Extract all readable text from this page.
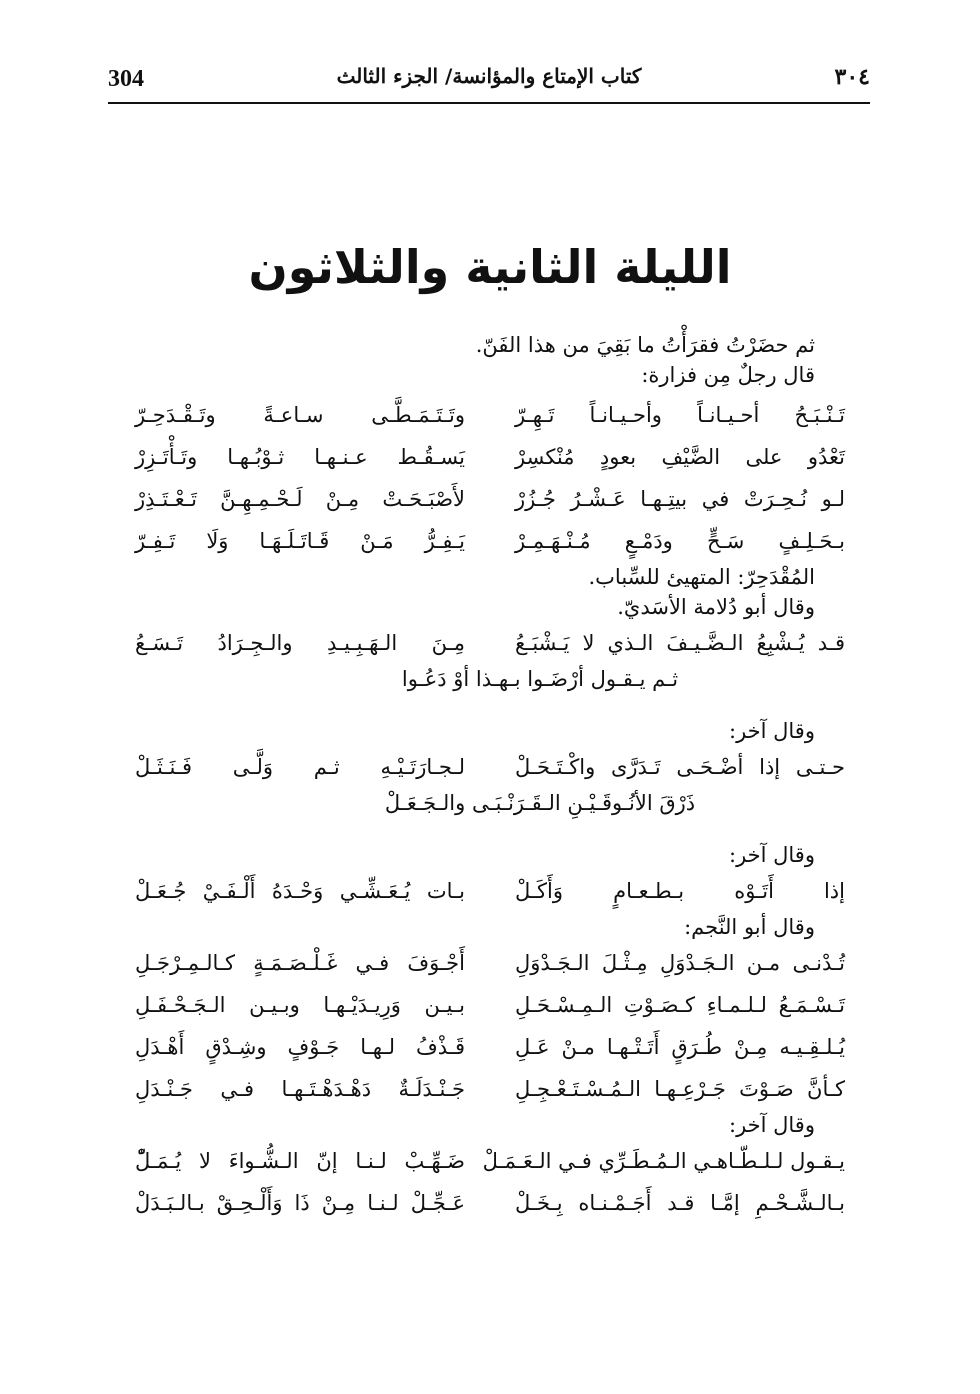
304	كتاب الإمتاع والمؤانسة/ الجزء الثالث	٣٠٤
الليلة الثانية والثلاثون

ثم حضَرْتُ فقرَأْتُ ما بَقِيَ من هذا الفَنّ.

قال رجلٌ مِن فزارة:

تَـنْـبَـحُ أحـيـانـاً وأحـيـانـاً تَـهِـرّ
وتَـتَـمَـطَّـى سـاعـةً وتَـقْـدَحِـرّ
تَعْدُو على الضَّيْفِ بعودٍ مُنْكسِرْ
يَسـقُـط عـنـهـا ثـوْبُـهـا وتَـأْتَـزِرْ
لـو نُـحِـرَتْ في بيتِـهـا عَـشْـرُ جُـزُرْ
لأَصْبَـحَـتْ مِـنْ لَـحْـمِـهِـنَّ تَـعْـتَـذِرْ
بـحَـلِـفٍ سَـحٍّ ودَمْـعٍ مُـنْـهَـمِـرْ
يَـفِـرُّ مَـنْ قَـاتَـلَـهَـا وَلَا تَـفِـرّ

المُقْدَحِرّ: المتهيئ للسِّباب.

وقال أبو دُلامة الأسَديّ.

قـد يُـشْبِعُ الـضَّـيـفَ الـذي لا يَـشْبَـعُ
مِـنَ الـهَـبِـيـدِ والـجِـرَادُ تَـسَـعُ
ثـم يـقـول أرْضَـوا بـهـذا أوْ دَعُـوا

وقال آخر:

حـتـى إذا أضْـحَـى تَـدَرَّى واكْـتَـحَـلْ
لـجـارَتَـيْـهِ ثـم وَلَّـى فَـنَـثَـلْ
ذَرْقَ الأنُـوقَـيْـنِ الـقَـرَنْـبَـى والـجَـعَـلْ

وقال آخر:

إذا أَتَـوْه بـطـعـامٍ وَأَكَـلْ
بـات يُـعَـشِّـي وَحْـدَهُ أَلْـفَـيْ جُـعَـلْ

وقال أبو النَّجم:

تُـدْنـى مـن الـجَـدْوَلِ مِـثْـلَ الـجَـدْوَلِ
أَجْـوَفَ فـي غَـلْـصَـمَـةٍ كـالـمِـرْجَـلِ
تَـسْـمَـعُ لـلـمـاءِ كـصَـوْتِ الـمِـسْـحَـلِ
بـيـن وَرِيـدَيْـهـا وبـيـن الـجَـحْـفَـلِ
يُـلـقِـيـه مِـنْ طُـرَقٍ أَتَـتْـهـا مـنْ عَـلِ
قَـذْفُ لـهـا جَـوْفٍ وشِـدْقٍ أَهْـدَلِ
كـأنَّ صَـوْتَ جَـرْعِـهـا الـمُـسْـتَـعْـجِـلِ
جَـنْـدَلَـةٌ دَهْـدَهْـتَـهـا فـي جَـنْـدَلِ

وقال آخر:

يـقـول لـلـطّـاهـي الـمُـطَـرِّي فـي الـعَـمَـلْ
ضَـهِّـبْ لـنـا إنّ الـشُّـواءَ لا يُـمَـلّْ
بـالـشَّـحْـمِ إمَّـا قـد أَجَـمْـنـاه بِـخَـلْ
عَـجِّـلْ لـنـا مِـنْ ذَا وَأَلْـحِـقْ بـالـبَـدَلْ
